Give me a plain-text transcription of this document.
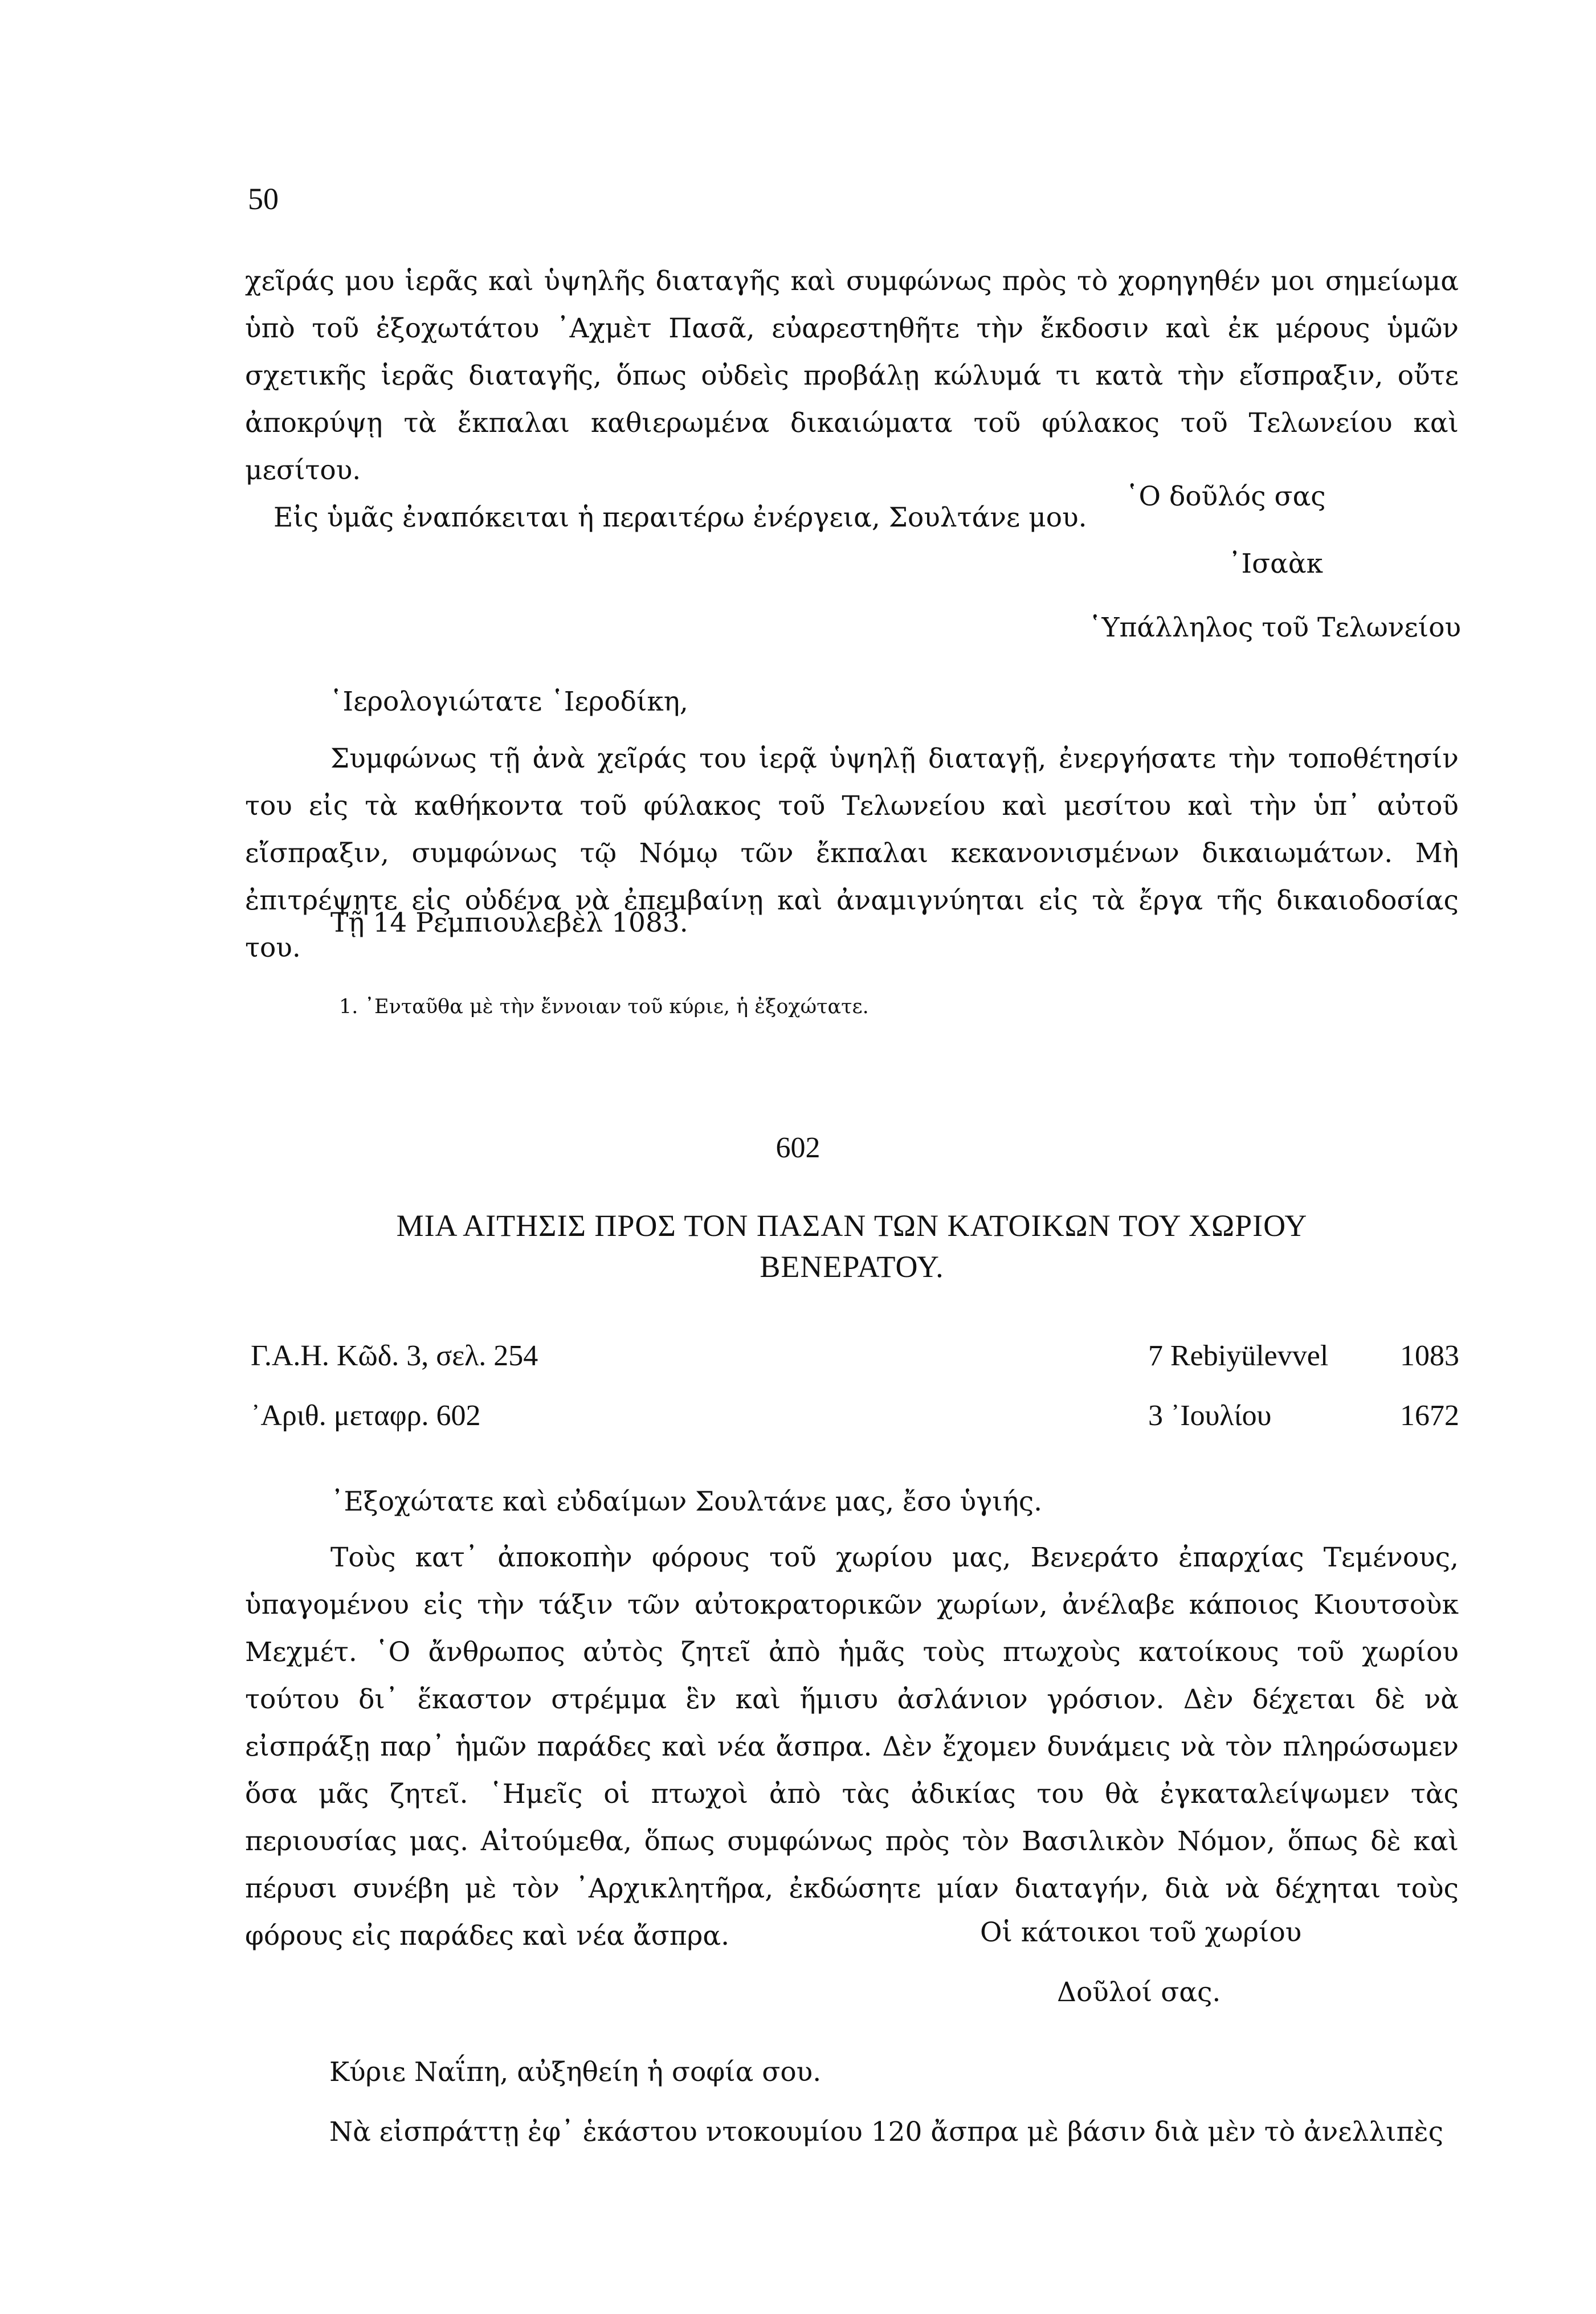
50

χεῖράς μου ἱερᾶς καὶ ὑψηλῆς διαταγῆς καὶ συμφώνως πρὸς τὸ χορηγηθέν μοι σημείωμα ὑπὸ τοῦ ἐξοχωτάτου ᾿Αχμὲτ Πασᾶ, εὐαρεστηθῆτε τὴν ἔκδοσιν καὶ ἐκ μέρους ὑμῶν σχετικῆς ἱερᾶς διαταγῆς, ὅπως οὐδεὶς προβάλῃ κώλυμά τι κατὰ τὴν εἴσπραξιν, οὔτε ἀποκρύψῃ τὰ ἔκπαλαι καθιερωμένα δικαιώματα τοῦ φύλακος τοῦ Τελωνείου καὶ μεσίτου.

Εἰς ὑμᾶς ἐναπόκειται ἡ περαιτέρω ἐνέργεια, Σουλτάνε μου.

῾Ο δοῦλός σας
᾿Ισαὰκ
῾Υπάλληλος τοῦ Τελωνείου
῾Ιερολογιώτατε ῾Ιεροδίκη,

Συμφώνως τῇ ἀνὰ χεῖράς του ἱερᾷ ὑψηλῇ διαταγῇ, ἐνεργήσατε τὴν τοποθέτησίν του εἰς τὰ καθήκοντα τοῦ φύλακος τοῦ Τελωνείου καὶ μεσίτου καὶ τὴν ὑπ᾿ αὐτοῦ εἴσπραξιν, συμφώνως τῷ Νόμῳ τῶν ἔκπαλαι κεκανονισμένων δικαιωμάτων. Μὴ ἐπιτρέψητε εἰς οὐδένα νὰ ἐπεμβαίνῃ καὶ ἀναμιγνύηται εἰς τὰ ἔργα τῆς δικαιοδοσίας του.

Τῇ 14 Ρεμπιουλεβὲλ 1083.
1. ᾿Ενταῦθα μὲ τὴν ἔννοιαν τοῦ κύριε, ἡ ἐξοχώτατε.
602
ΜΙΑ ΑΙΤΗΣΙΣ ΠΡΟΣ ΤΟΝ ΠΑΣΑΝ ΤΩΝ ΚΑΤΟΙΚΩΝ ΤΟΥ ΧΩΡΙΟΥ
ΒΕΝΕΡΑΤΟΥ.
Γ.Α.Η. Κῶδ. 3, σελ. 254
᾿Αριθ. μεταφρ. 602
7 Rebiyülevvel 1083
3 ᾿Ιουλίου	1672
᾿Εξοχώτατε καὶ εὐδαίμων Σουλτάνε μας, ἔσο ὑγιής.

Τοὺς κατ᾿ ἀποκοπὴν φόρους τοῦ χωρίου μας, Βενεράτο ἐπαρχίας Τεμένους, ὑπαγομένου εἰς τὴν τάξιν τῶν αὐτοκρατορικῶν χωρίων, ἀνέλαβε κάποιος Κιουτσοὺκ Μεχμέτ. ῾Ο ἄνθρωπος αὐτὸς ζητεῖ ἀπὸ ἡμᾶς τοὺς πτωχοὺς κατοίκους τοῦ χωρίου τούτου δι᾿ ἕκαστον στρέμμα ἓν καὶ ἥμισυ ἀσλάνιον γρόσιον. Δὲν δέχεται δὲ νὰ εἰσπράξῃ παρ᾿ ἡμῶν παράδες καὶ νέα ἄσπρα. Δὲν ἔχομεν δυνάμεις νὰ τὸν πληρώσωμεν ὅσα μᾶς ζητεῖ. ῾Ημεῖς οἱ πτωχοὶ ἀπὸ τὰς ἀδικίας του θὰ ἐγκαταλείψωμεν τὰς περιουσίας μας. Αἰτούμεθα, ὅπως συμφώνως πρὸς τὸν Βασιλικὸν Νόμον, ὅπως δὲ καὶ πέρυσι συνέβη μὲ τὸν ᾿Αρχικλητῆρα, ἐκδώσητε μίαν διαταγήν, διὰ νὰ δέχηται τοὺς φόρους εἰς παράδες καὶ νέα ἄσπρα.	Οἱ κάτοικοι τοῦ χωρίου
Δοῦλοί σας.
Κύριε Ναΐπη, αὐξηθείη ἡ σοφία σου.
Νὰ εἰσπράττῃ ἐφ᾿ ἑκάστου ντοκουμίου 120 ἄσπρα μὲ βάσιν διὰ μὲν τὸ ἀνελλιπὲς
